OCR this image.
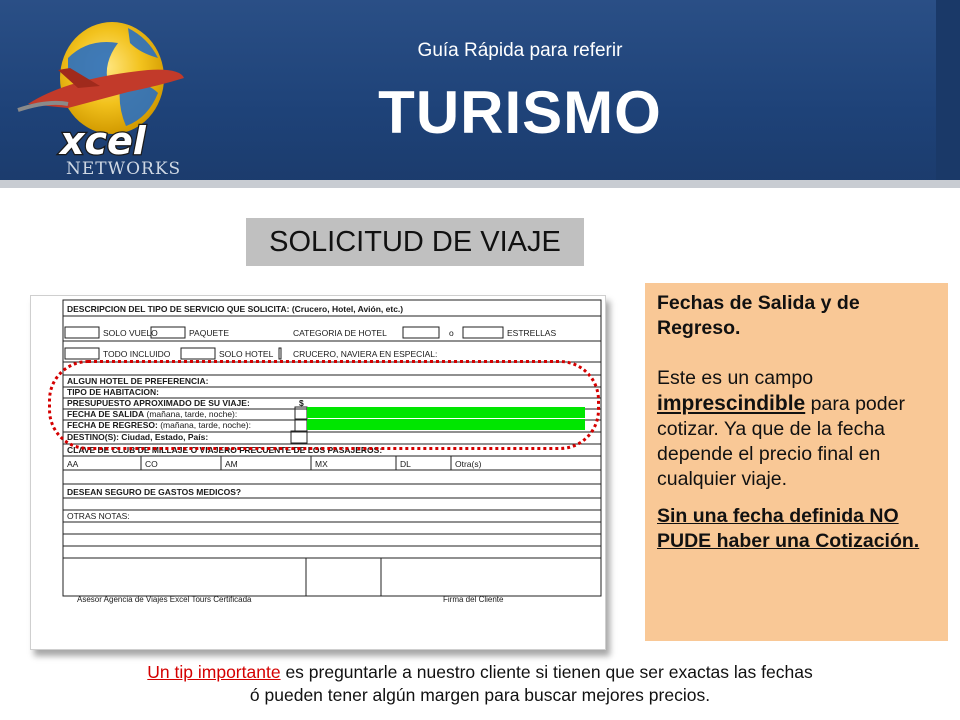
xcel
NETWORKS
Guía Rápida para referir
TURISMO
SOLICITUD DE VIAJE
DESCRIPCION DEL TIPO DE SERVICIO QUE SOLICITA: (Crucero, Hotel, Avión, etc.)
SOLO VUELO	PAQUETE	CATEGORIA DE HOTEL	o	ESTRELLAS
TODO INCLUIDO	SOLO HOTEL CRUCERO, NAVIERA EN ESPECIAL:
ALGUN HOTEL DE PREFERENCIA:
TIPO DE HABITACION:
PRESUPUESTO APROXIMADO DE SU VIAJE:	$
FECHA DE SALIDA (mañana, tarde, noche):
FECHA DE REGRESO: (mañana, tarde, noche):
DESTINO(S): Ciudad, Estado, País:
CLAVE DE CLUB DE MILLAJE O VIAJERO FRECUENTE DE LOS PASAJEROS:
AA	CO	AM	MX	DL	Otra(s)
DESEAN SEGURO DE GASTOS MEDICOS?
OTRAS NOTAS:
Asesor Agencia de Viajes Excel Tours Certificada	Firma del Cliente

Fechas de Salida y de Regreso.

Este es un campo imprescindible para poder cotizar. Ya que de la fecha depende el precio final en cualquier viaje.

Sin una fecha definida NO PUDE haber una Cotización.

Un tip importante es preguntarle a nuestro cliente si tienen que ser exactas las fechas
ó pueden tener algún margen para buscar mejores precios.
